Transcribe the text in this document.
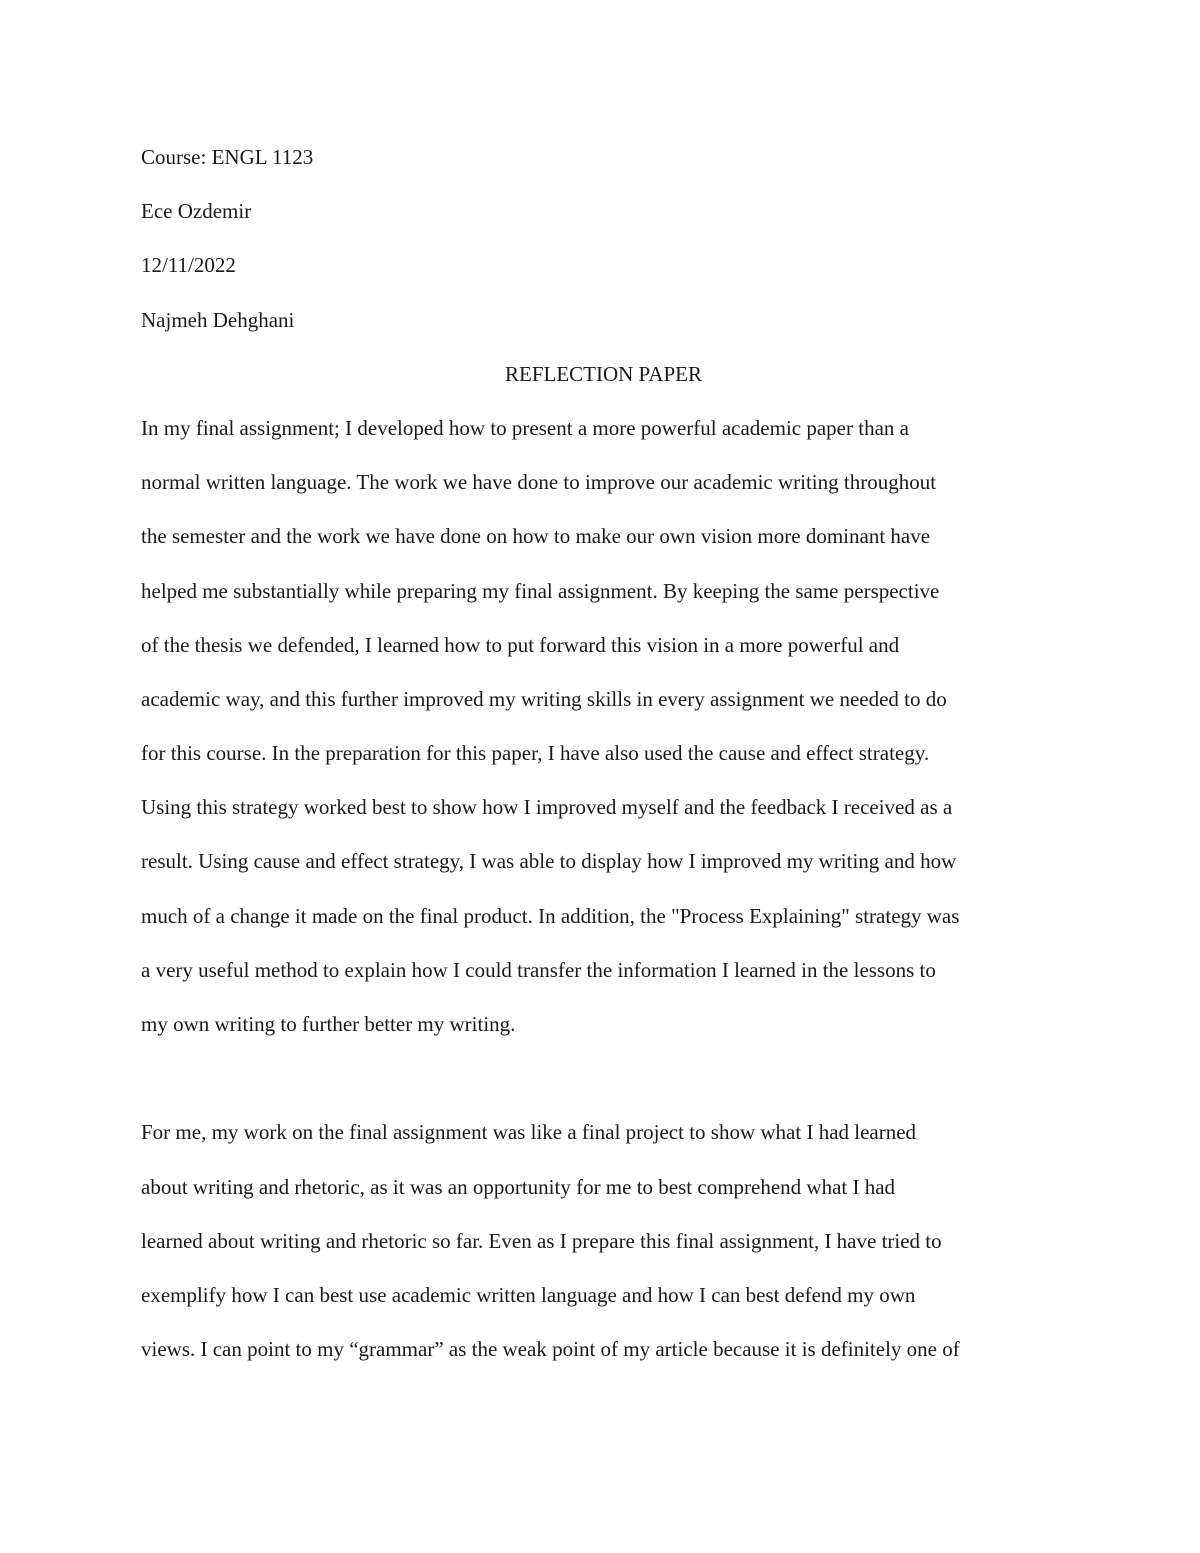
Course: ENGL 1123
Ece Ozdemir
12/11/2022
Najmeh Dehghani
REFLECTION PAPER
In my final assignment; I developed how to present a more powerful academic paper than a
normal written language. The work we have done to improve our academic writing throughout
the semester and the work we have done on how to make our own vision more dominant have
helped me substantially while preparing my final assignment. By keeping the same perspective
of the thesis we defended, I learned how to put forward this vision in a more powerful and
academic way, and this further improved my writing skills in every assignment we needed to do
for this course. In the preparation for this paper, I have also used the cause and effect strategy.
Using this strategy worked best to show how I improved myself and the feedback I received as a
result. Using cause and effect strategy, I was able to display how I improved my writing and how
much of a change it made on the final product. In addition, the "Process Explaining" strategy was
a very useful method to explain how I could transfer the information I learned in the lessons to
my own writing to further better my writing.
For me, my work on the final assignment was like a final project to show what I had learned
about writing and rhetoric, as it was an opportunity for me to best comprehend what I had
learned about writing and rhetoric so far. Even as I prepare this final assignment, I have tried to
exemplify how I can best use academic written language and how I can best defend my own
views. I can point to my “grammar” as the weak point of my article because it is definitely one of
